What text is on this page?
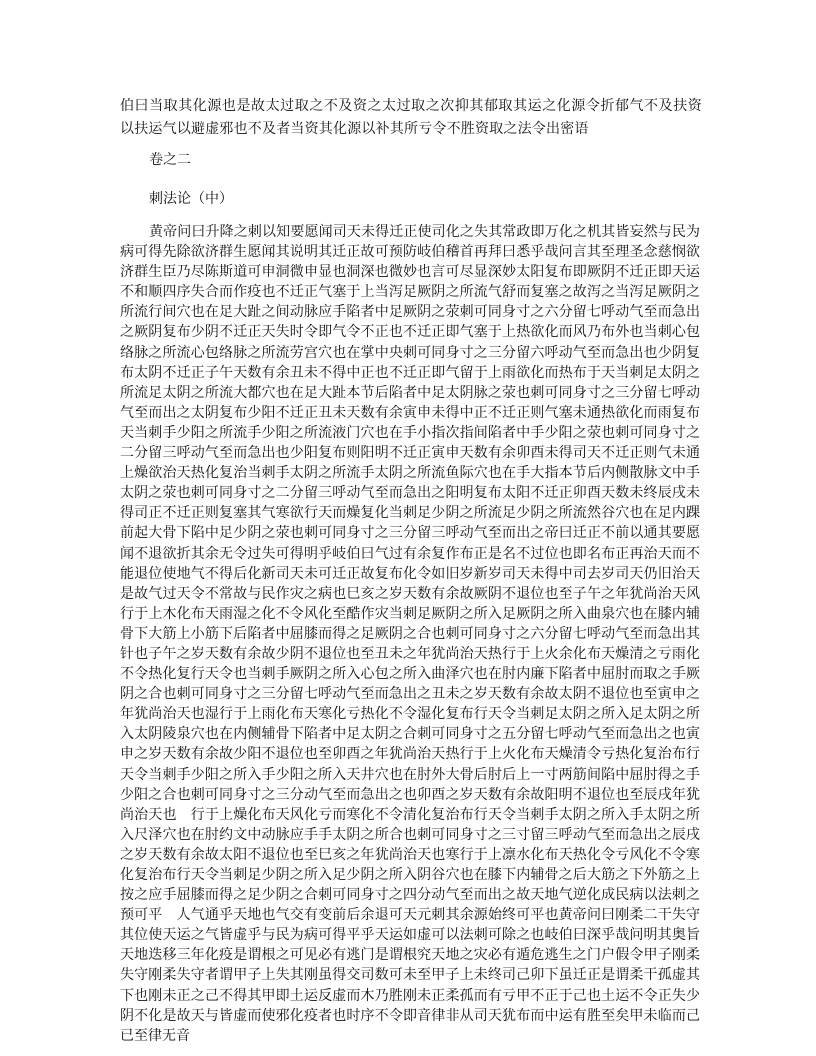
伯曰当取其化源也是故太过取之不及资之太过取之次抑其郁取其运之化源令折郁气不及扶资以扶运气以避虚邪也不及者当资其化源以补其所亏令不胜资取之法令出密语

卷之二

刺法论（中）

黄帝问曰升降之刺以知要愿闻司天未得迁正使司化之失其常政即万化之机其皆妄然与民为病可得先除欲济群生愿闻其说明其迁正故可预防岐伯稽首再拜曰悉乎哉问言其至理圣念慈悯欲济群生臣乃尽陈斯道可申洞微申显也洞深也微妙也言可尽显深妙太阳复布即厥阴不迁正即天运不和顺四序失合而作疫也不迁正气塞于上当泻足厥阴之所流气舒而复塞之故泻之当泻足厥阴之所流行间穴也在足大趾之间动脉应手陷者中足厥阴之荥刺可同身寸之六分留七呼动气至而急出之厥阴复布少阴不迁正天失时令即气令不正也不迁正即气塞于上热欲化而风乃布外也当刺心包络脉之所流心包络脉之所流劳宫穴也在掌中央刺可同身寸之三分留六呼动气至而急出也少阴复布太阴不迁正子午天数有余丑未不得中正也不迁正即气留于上雨欲化而热布于天当刺足太阴之所流足太阴之所流大都穴也在足大趾本节后陷者中足太阴脉之荥也刺可同身寸之三分留七呼动气至而出之太阴复布少阳不迁正丑未天数有余寅申未得中正不迁正则气塞未通热欲化而雨复布天当刺手少阳之所流手少阳之所流液门穴也在手小指次指间陷者中手少阳之荥也刺可同身寸之二分留三呼动气至而急出也少阳复布则阳明不迁正寅申天数有余卯酉未得司天不迁正则气未通上燥欲治天热化复治当刺手太阴之所流手太阴之所流鱼际穴也在手大指本节后内侧散脉文中手太阴之荥也刺可同身寸之二分留三呼动气至而急出之阳明复布太阳不迁正卯酉天数未终辰戌未得司正不迁正则复塞其气寒欲行天而燥复化当刺足少阴之所流足少阴之所流然谷穴也在足内踝前起大骨下陷中足少阴之荥也刺可同身寸之三分留三呼动气至而出之帝曰迁正不前以通其要愿闻不退欲折其余无令过失可得明乎岐伯曰气过有余复作布正是名不过位也即名布正再治天而不能退位使地气不得后化新司天未可迁正故复布化令如旧岁新岁司天未得中司去岁司天仍旧治天是故气过天令不常故与民作灾之病也巳亥之岁天数有余故厥阴不退位也至子午之年犹尚治天风行于上木化布天雨湿之化不令风化至酷作灾当刺足厥阴之所入足厥阴之所入曲泉穴也在膝内辅骨下大筋上小筋下后陷者中屈膝而得之足厥阴之合也刺可同身寸之六分留七呼动气至而急出其针也子午之岁天数有余故少阴不退位也至丑未之年犹尚治天热行于上火余化布天燥清之亏雨化不令热化复行天令也当刺手厥阴之所入心包之所入曲泽穴也在肘内廉下陷者中屈肘而取之手厥阴之合也刺可同身寸之三分留七呼动气至而急出之丑未之岁天数有余故太阴不退位也至寅申之年犹尚治天也湿行于上雨化布天寒化亏热化不令湿化复布行天令当刺足太阴之所入足太阴之所入太阴陵泉穴也在内侧辅骨下陷者中足太阴之合刺可同身寸之五分留七呼动气至而急出之也寅申之岁天数有余故少阳不退位也至卯酉之年犹尚治天热行于上火化布天燥清令亏热化复治布行天令当刺手少阳之所入手少阳之所入天井穴也在肘外大骨后肘后上一寸两筋间陷中屈肘得之手少阳之合也刺可同身寸之三分动气至而急出之也卯酉之岁天数有余故阳明不退位也至辰戌年犹尚治天也　行于上燥化布天风化亏而寒化不令清化复治布行天令当刺手太阴之所入手太阴之所入尺泽穴也在肘约文中动脉应手手太阴之所合也刺可同身寸之三寸留三呼动气至而急出之辰戌之岁天数有余故太阳不退位也至巳亥之年犹尚治天也寒行于上凛水化布天热化令亏风化不令寒化复治布行天令当刺足少阴之所入足少阴之所入阴谷穴也在膝下内辅骨之后大筋之下外筋之上按之应手屈膝而得之足少阴之合刺可同身寸之四分动气至而出之故天地气逆化成民病以法刺之预可平　人气通乎天地也气交有变前后余退可天元刺其余源始终可平也黄帝问曰刚柔二干失守其位使天运之气皆虚乎与民为病可得平乎天运如虚可以法刺可除之也岐伯曰深乎哉问明其奥旨天地迭移三年化疫是谓根之可见必有逃门是谓根究天地之灾必有遁危逃生之门户假令甲子刚柔失守刚柔失守者谓甲子上失其刚虽得交司数可未至甲子上未终司己卯下虽迁正是谓柔干孤虚其下也刚未正之己不得其甲即土运反虚而木乃胜刚未正柔孤而有亏甲不正于己也土运不令正失少阴不化是故天与皆虚而使邪化疫者也时序不令即音律非从司天犹布而中运有胜至矣甲未临而己已至律无音
